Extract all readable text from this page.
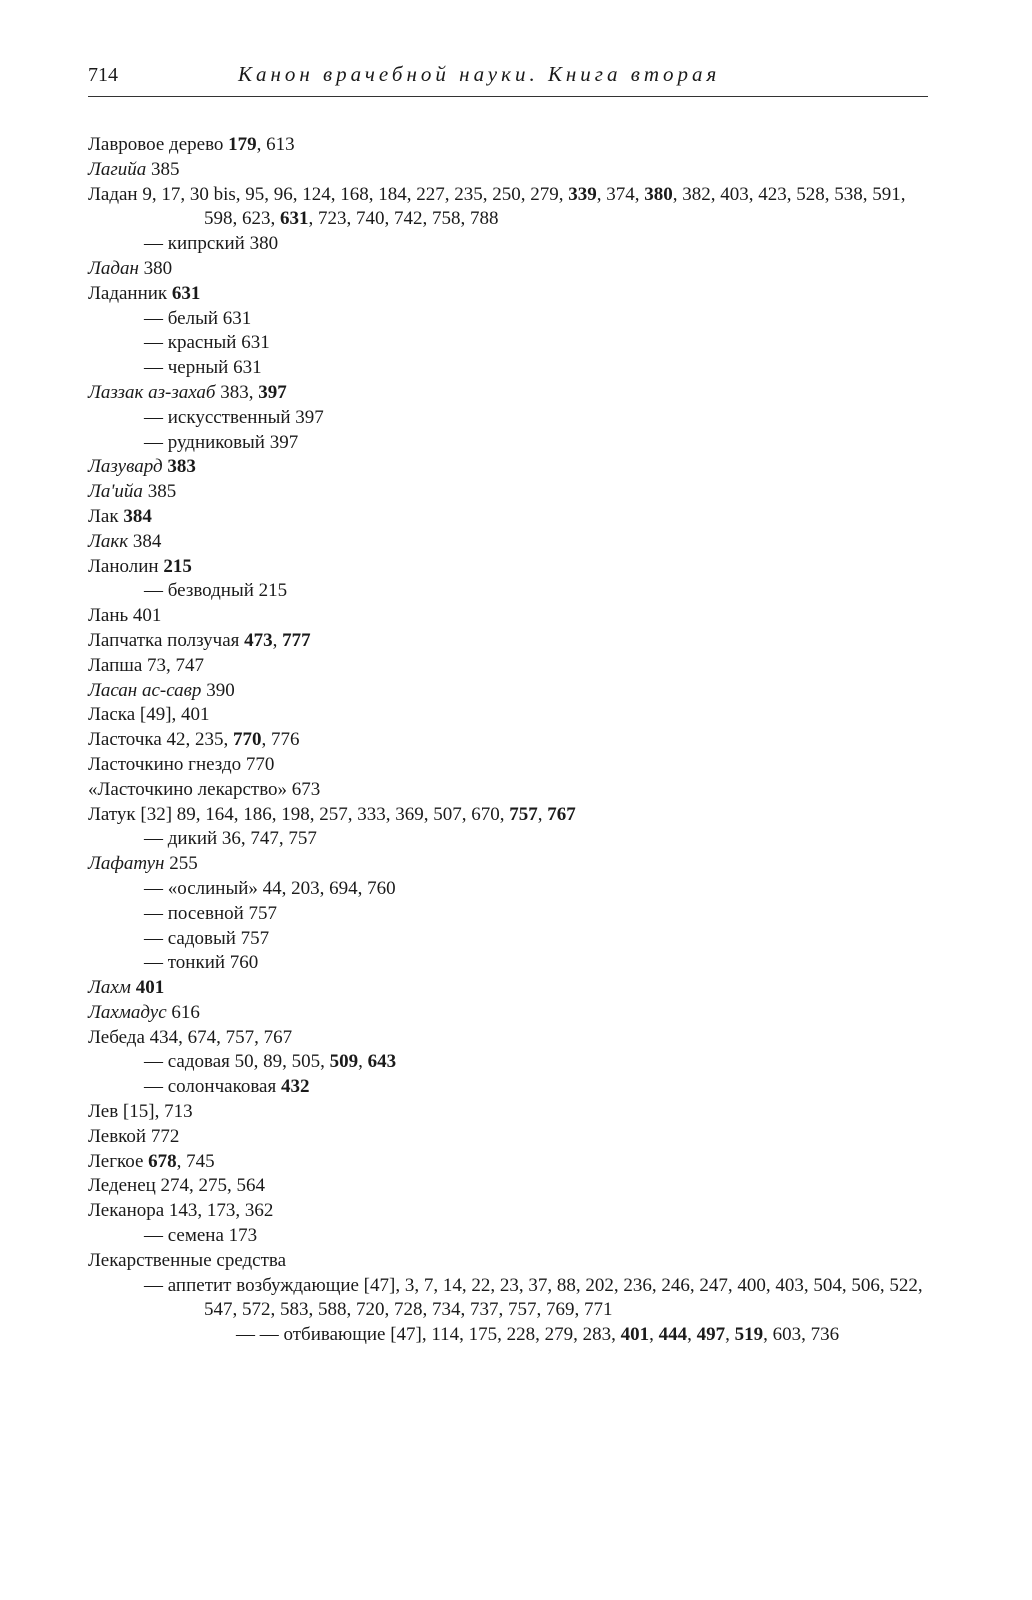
714	Канон врачебной науки. Книга вторая
Лавровое дерево 179, 613
Лагийа 385
Ладан 9, 17, 30 bis, 95, 96, 124, 168, 184, 227, 235, 250, 279, 339, 374, 380, 382, 403, 423, 528, 538, 591, 598, 623, 631, 723, 740, 742, 758, 788
— кипрский 380
Ладан 380
Ладанник 631
— белый 631
— красный 631
— черный 631
Лаззак аз-захаб 383, 397
— искусственный 397
— рудниковый 397
Лазувард 383
Ла'ийа 385
Лак 384
Лакк 384
Ланолин 215
— безводный 215
Лань 401
Лапчатка ползучая 473, 777
Лапша 73, 747
Ласан ас-савр 390
Ласка [49], 401
Ласточка 42, 235, 770, 776
Ласточкино гнездо 770
«Ласточкино лекарство» 673
Латук [32] 89, 164, 186, 198, 257, 333, 369, 507, 670, 757, 767
— дикий 36, 747, 757
Лафатун 255
— «ослиный» 44, 203, 694, 760
— посевной 757
— садовый 757
— тонкий 760
Лахм 401
Лахмадус 616
Лебеда 434, 674, 757, 767
— садовая 50, 89, 505, 509, 643
— солончаковая 432
Лев [15], 713
Левкой 772
Легкое 678, 745
Леденец 274, 275, 564
Леканора 143, 173, 362
— семена 173
Лекарственные средства
— аппетит возбуждающие [47], 3, 7, 14, 22, 23, 37, 88, 202, 236, 246, 247, 400, 403, 504, 506, 522, 547, 572, 583, 588, 720, 728, 734, 737, 757, 769, 771
— — отбивающие [47], 114, 175, 228, 279, 283, 401, 444, 497, 519, 603, 736
